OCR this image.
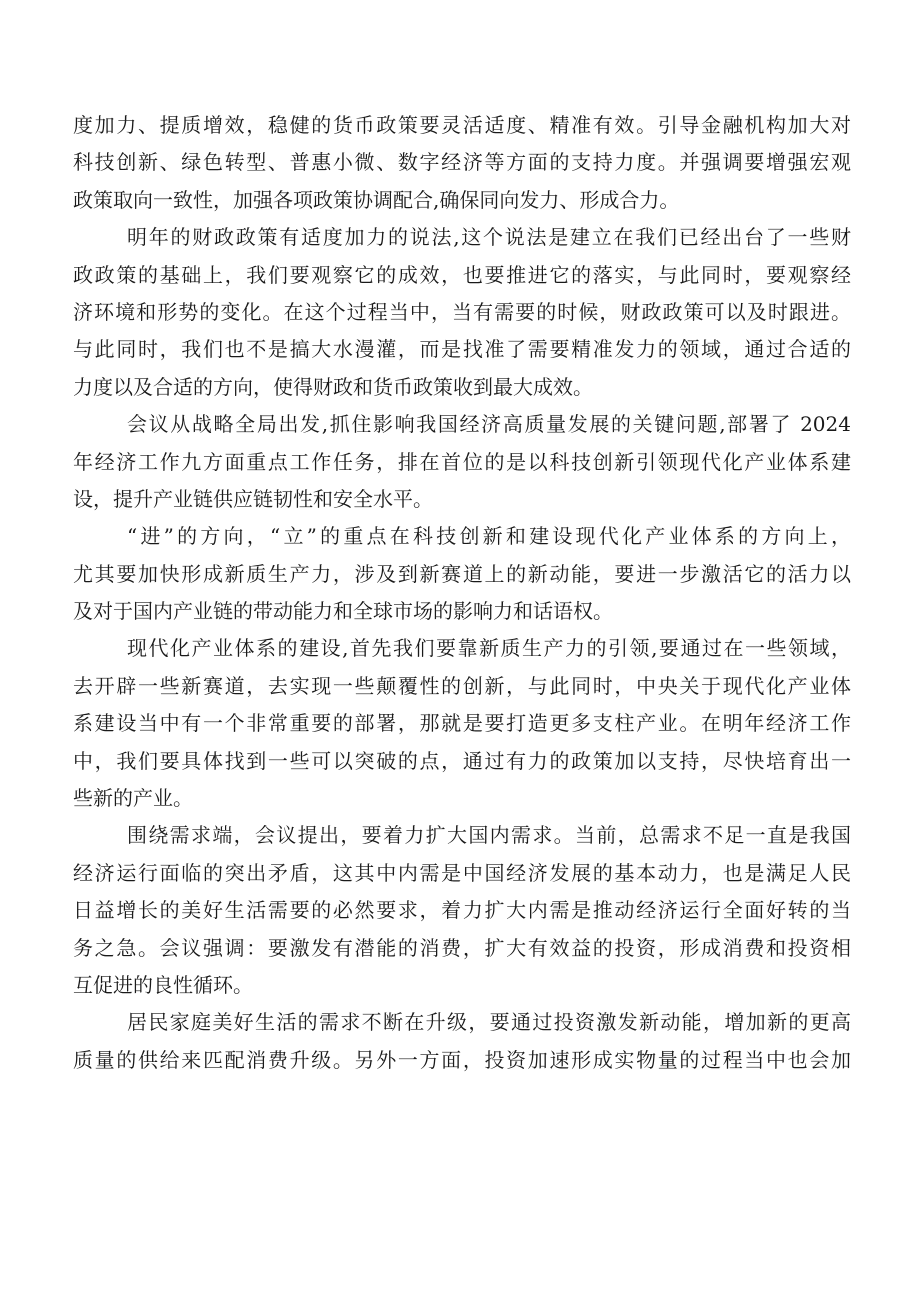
度加力、提质增效，稳健的货币政策要灵活适度、精准有效。引导金融机构加大对
科技创新、绿色转型、普惠小微、数字经济等方面的支持力度。并强调要增强宏观
政策取向一致性，加强各项政策协调配合,确保同向发力、形成合力。
明年的财政政策有适度加力的说法,这个说法是建立在我们已经出台了一些财
政政策的基础上，我们要观察它的成效，也要推进它的落实，与此同时，要观察经
济环境和形势的变化。在这个过程当中，当有需要的时候，财政政策可以及时跟进。
与此同时，我们也不是搞大水漫灌，而是找准了需要精准发力的领域，通过合适的
力度以及合适的方向，使得财政和货币政策收到最大成效。
会议从战略全局出发,抓住影响我国经济高质量发展的关键问题,部署了 2024
年经济工作九方面重点工作任务，排在首位的是以科技创新引领现代化产业体系建
设，提升产业链供应链韧性和安全水平。
“进”的方向，“立”的重点在科技创新和建设现代化产业体系的方向上，
尤其要加快形成新质生产力，涉及到新赛道上的新动能，要进一步激活它的活力以
及对于国内产业链的带动能力和全球市场的影响力和话语权。
现代化产业体系的建设,首先我们要靠新质生产力的引领,要通过在一些领域，
去开辟一些新赛道，去实现一些颠覆性的创新，与此同时，中央关于现代化产业体
系建设当中有一个非常重要的部署，那就是要打造更多支柱产业。在明年经济工作
中，我们要具体找到一些可以突破的点，通过有力的政策加以支持，尽快培育出一
些新的产业。
围绕需求端，会议提出，要着力扩大国内需求。当前，总需求不足一直是我国
经济运行面临的突出矛盾，这其中内需是中国经济发展的基本动力，也是满足人民
日益增长的美好生活需要的必然要求，着力扩大内需是推动经济运行全面好转的当
务之急。会议强调：要激发有潜能的消费，扩大有效益的投资，形成消费和投资相
互促进的良性循环。
居民家庭美好生活的需求不断在升级，要通过投资激发新动能，增加新的更高
质量的供给来匹配消费升级。另外一方面，投资加速形成实物量的过程当中也会加
